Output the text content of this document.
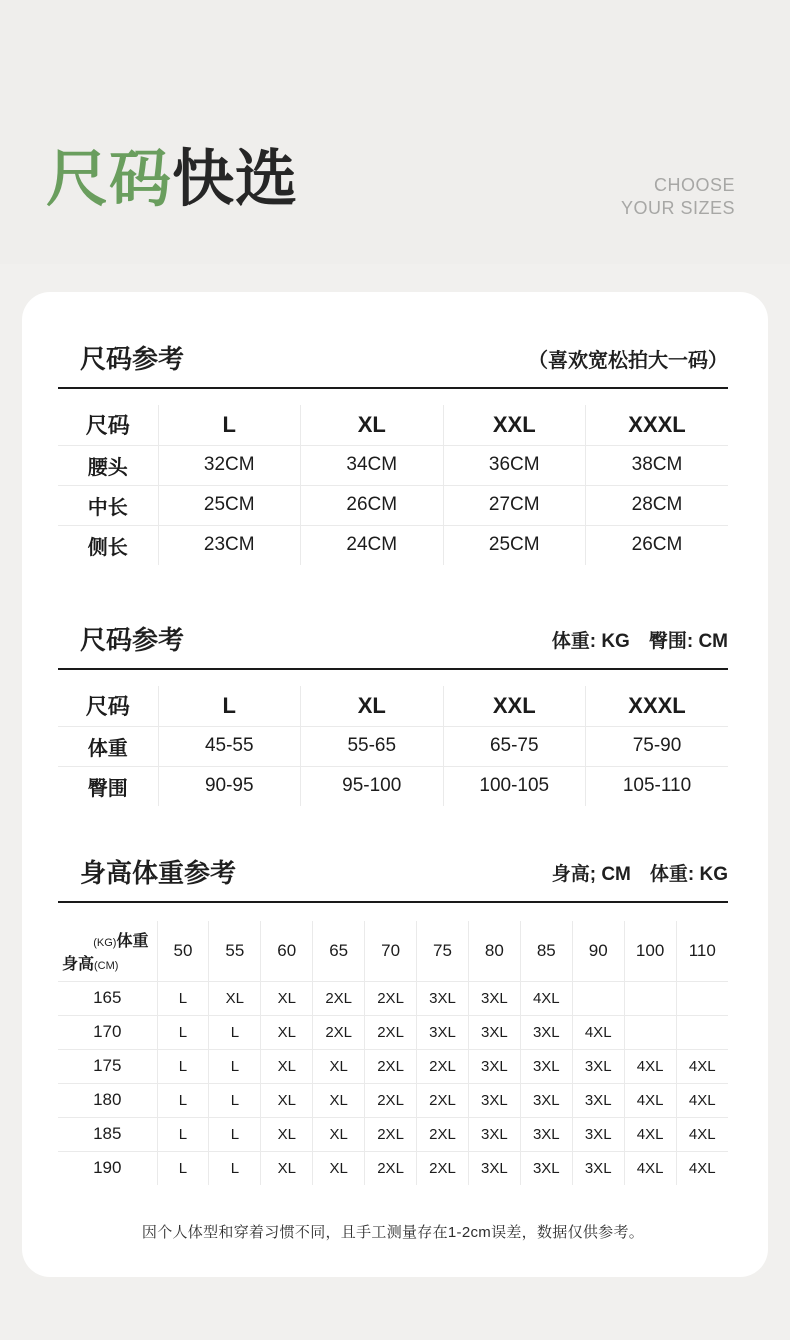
尺码快选	CHOOSE
YOUR SIZES
尺码参考	（喜欢宽松拍大一码）
尺码	L	XL	XXL	XXXL
腰头	32CM	34CM	36CM	38CM
中长	25CM	26CM	27CM	28CM
侧长	23CM	24CM	25CM	26CM
尺码参考	体重: KG　臀围: CM
尺码	L	XL	XXL	XXXL
体重	45-55	55-65	65-75	75-90
臀围	90-95	95-100	100-105	105-110
身高体重参考	身高; CM　体重: KG
(KG)体重
身高(CM)	50	55	60	65	70	75	80	85	90	100	110
165	L	XL	XL	2XL	2XL	3XL	3XL	4XL			
170	L	L	XL	2XL	2XL	3XL	3XL	3XL	4XL		
175	L	L	XL	XL	2XL	2XL	3XL	3XL	3XL	4XL	4XL
180	L	L	XL	XL	2XL	2XL	3XL	3XL	3XL	4XL	4XL
185	L	L	XL	XL	2XL	2XL	3XL	3XL	3XL	4XL	4XL
190	L	L	XL	XL	2XL	2XL	3XL	3XL	3XL	4XL	4XL
因个人体型和穿着习惯不同，且手工测量存在1-2cm误差，数据仅供参考。
